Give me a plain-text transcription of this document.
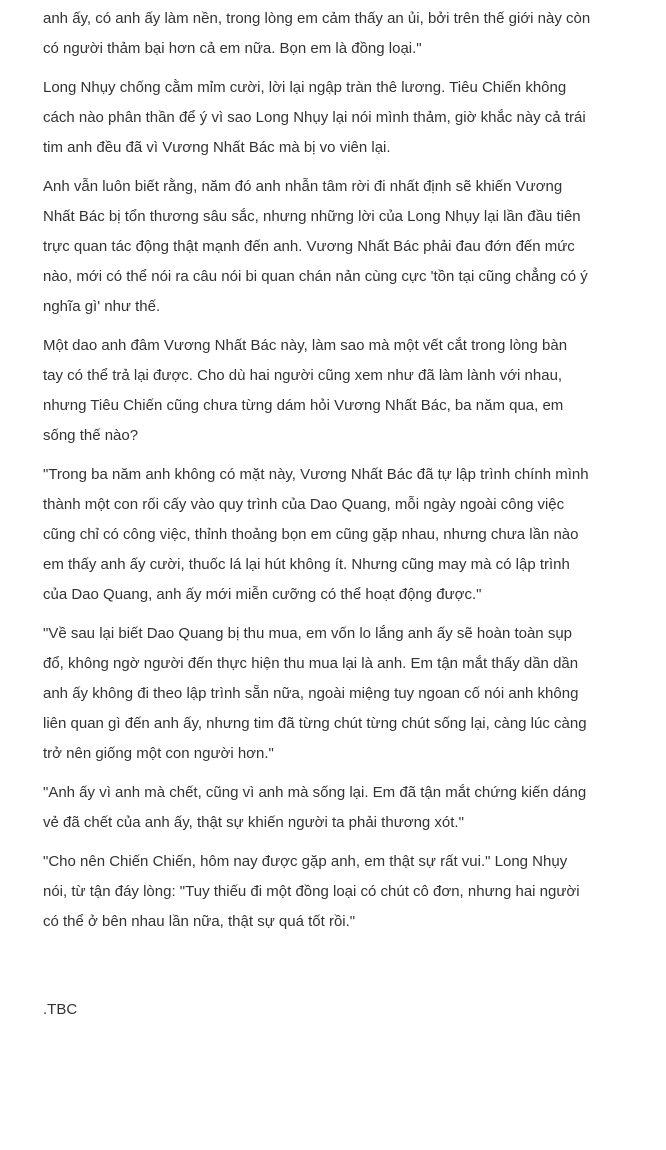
anh ấy, có anh ấy làm nền, trong lòng em cảm thấy an ủi, bởi trên thế giới này còn có người thảm bại hơn cả em nữa. Bọn em là đồng loại."

Long Nhụy chống cằm mỉm cười, lời lại ngập tràn thê lương. Tiêu Chiến không cách nào phân thần để ý vì sao Long Nhụy lại nói mình thảm, giờ khắc này cả trái tim anh đều đã vì Vương Nhất Bác mà bị vo viên lại.

Anh vẫn luôn biết rằng, năm đó anh nhẫn tâm rời đi nhất định sẽ khiến Vương Nhất Bác bị tổn thương sâu sắc, nhưng những lời của Long Nhụy lại lần đầu tiên trực quan tác động thật mạnh đến anh. Vương Nhất Bác phải đau đớn đến mức nào, mới có thể nói ra câu nói bi quan chán nản cùng cực 'tồn tại cũng chẳng có ý nghĩa gì' như thế.

Một dao anh đâm Vương Nhất Bác này, làm sao mà một vết cắt trong lòng bàn tay có thể trả lại được. Cho dù hai người cũng xem như đã làm lành với nhau, nhưng Tiêu Chiến cũng chưa từng dám hỏi Vương Nhất Bác, ba năm qua, em sống thế nào?

"Trong ba năm anh không có mặt này, Vương Nhất Bác đã tự lập trình chính mình thành một con rối cấy vào quy trình của Dao Quang, mỗi ngày ngoài công việc cũng chỉ có công việc, thỉnh thoảng bọn em cũng gặp nhau, nhưng chưa lần nào em thấy anh ấy cười, thuốc lá lại hút không ít. Nhưng cũng may mà có lập trình của Dao Quang, anh ấy mới miễn cưỡng có thể hoạt động được."

"Về sau lại biết Dao Quang bị thu mua, em vốn lo lắng anh ấy sẽ hoàn toàn sụp đổ, không ngờ người đến thực hiện thu mua lại là anh. Em tận mắt thấy dần dần anh ấy không đi theo lập trình sẵn nữa, ngoài miệng tuy ngoan cố nói anh không liên quan gì đến anh ấy, nhưng tim đã từng chút từng chút sống lại, càng lúc càng trở nên giống một con người hơn."

"Anh ấy vì anh mà chết, cũng vì anh mà sống lại. Em đã tận mắt chứng kiến dáng vẻ đã chết của anh ấy, thật sự khiến người ta phải thương xót."

"Cho nên Chiến Chiến, hôm nay được gặp anh, em thật sự rất vui." Long Nhụy nói, từ tận đáy lòng: "Tuy thiếu đi một đồng loại có chút cô đơn, nhưng hai người có thể ở bên nhau lần nữa, thật sự quá tốt rồi."

.TBC
